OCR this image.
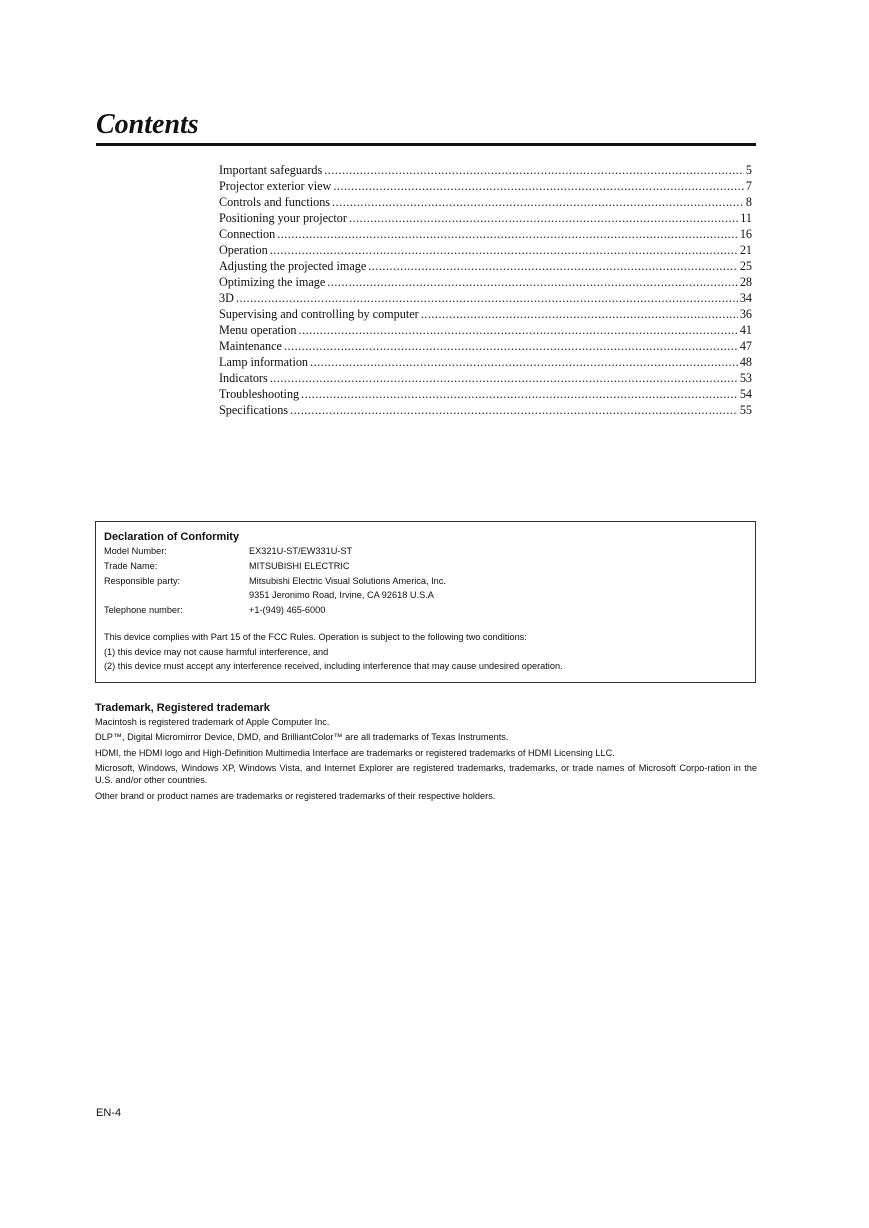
Contents
Important safeguards .....	5
Projector exterior view .....	7
Controls and functions .....	8
Positioning your projector .....	11
Connection .....	16
Operation .....	21
Adjusting the projected image .....	25
Optimizing the image .....	28
3D .....	34
Supervising and controlling by computer .....	36
Menu operation .....	41
Maintenance .....	47
Lamp information .....	48
Indicators .....	53
Troubleshooting .....	54
Specifications .....	55
Declaration of Conformity
Model Number:	EX321U-ST/EW331U-ST
Trade Name:	MITSUBISHI ELECTRIC
Responsible party:	Mitsubishi Electric Visual Solutions America, Inc.
9351 Jeronimo Road, Irvine, CA 92618 U.S.A
Telephone number:	+1-(949) 465-6000
This device complies with Part 15 of the FCC Rules. Operation is subject to the following two conditions:
(1) this device may not cause harmful interference, and
(2) this device must accept any interference received, including interference that may cause undesired operation.
Trademark, Registered trademark

Macintosh is registered trademark of Apple Computer Inc.

DLP™, Digital Micromirror Device, DMD, and BrilliantColor™ are all trademarks of Texas Instruments.

HDMI, the HDMI logo and High-Definition Multimedia Interface are trademarks or registered trademarks of HDMI Licensing LLC.

Microsoft, Windows, Windows XP, Windows Vista, and Internet Explorer are registered trademarks, trademarks, or trade names of Microsoft Corpo-ration in the U.S. and/or other countries.

Other brand or product names are trademarks or registered trademarks of their respective holders.

EN-4
